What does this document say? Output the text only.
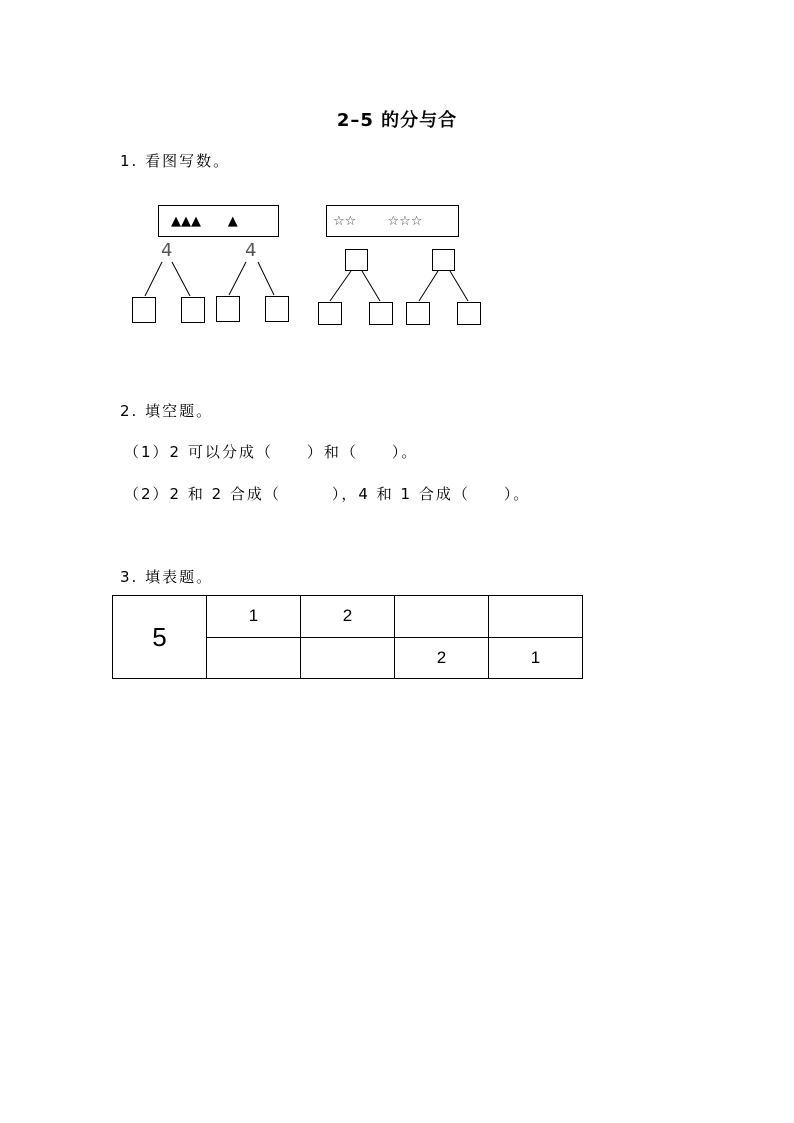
2–5 的分与合
1. 看图写数。
▲▲▲ ▲	☆☆ ☆☆☆
4	4
2. 填空题。
（1）2 可以分成（　　）和（　　）。
（2）2 和 2 合成（　　　），4 和 1 合成（　　）。
3. 填表题。
5	1	2		
			2	1
